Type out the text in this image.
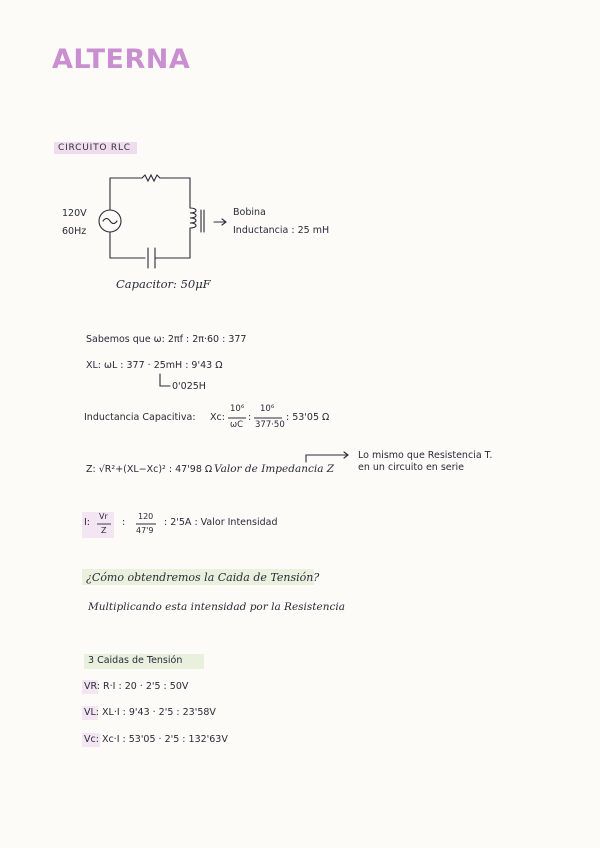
ALTERNA
CIRCUITO RLC
120V
60Hz
Bobina
Inductancia : 25 mH
Capacitor: 50μF
Sabemos que ω: 2πf : 2π·60 : 377
XL: ωL : 377 · 25mH : 9'43 Ω
0'025H
Inductancia Capacitiva: Xc:
10⁶
ωC
:
10⁶
377·50
: 53'05 Ω
Z: √R²+(XL−Xc)² : 47'98 Ω Valor de Impedancia Z
Lo mismo que Resistencia T.
en un circuito en serie
I:
Vr
Z
:
120
47'9
: 2'5A : Valor Intensidad
¿Cómo obtendremos la Caida de Tensión?
Multiplicando esta intensidad por la Resistencia
3 Caidas de Tensión
VR: R·I : 20 · 2'5 : 50V
VL: XL·I : 9'43 · 2'5 : 23'58V
Vc: Xc·I : 53'05 · 2'5 : 132'63V
